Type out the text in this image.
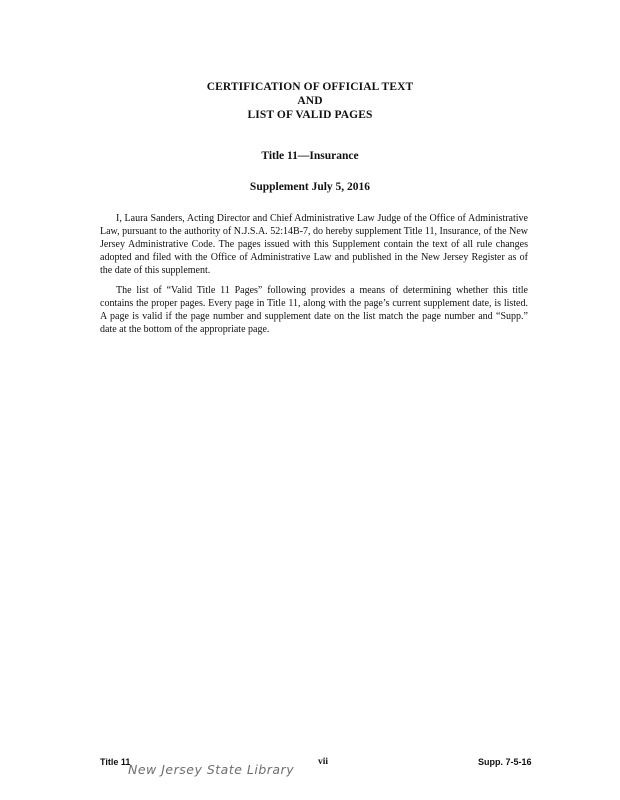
CERTIFICATION OF OFFICIAL TEXT
AND
LIST OF VALID PAGES
Title 11—Insurance
Supplement July 5, 2016

I, Laura Sanders, Acting Director and Chief Administrative Law Judge of the Office of Administrative Law, pursuant to the authority of N.J.S.A. 52:14B-7, do hereby supplement Title 11, Insurance, of the New Jersey Administrative Code. The pages issued with this Supplement contain the text of all rule changes adopted and filed with the Office of Administrative Law and published in the New Jersey Register as of the date of this supplement.

The list of “Valid Title 11 Pages” following provides a means of determining whether this title contains the proper pages. Every page in Title 11, along with the page’s current supplement date, is listed. A page is valid if the page number and supplement date on the list match the page number and “Supp.” date at the bottom of the appropriate page.

Title 11	vii	Supp. 7-5-16
New Jersey State Library
